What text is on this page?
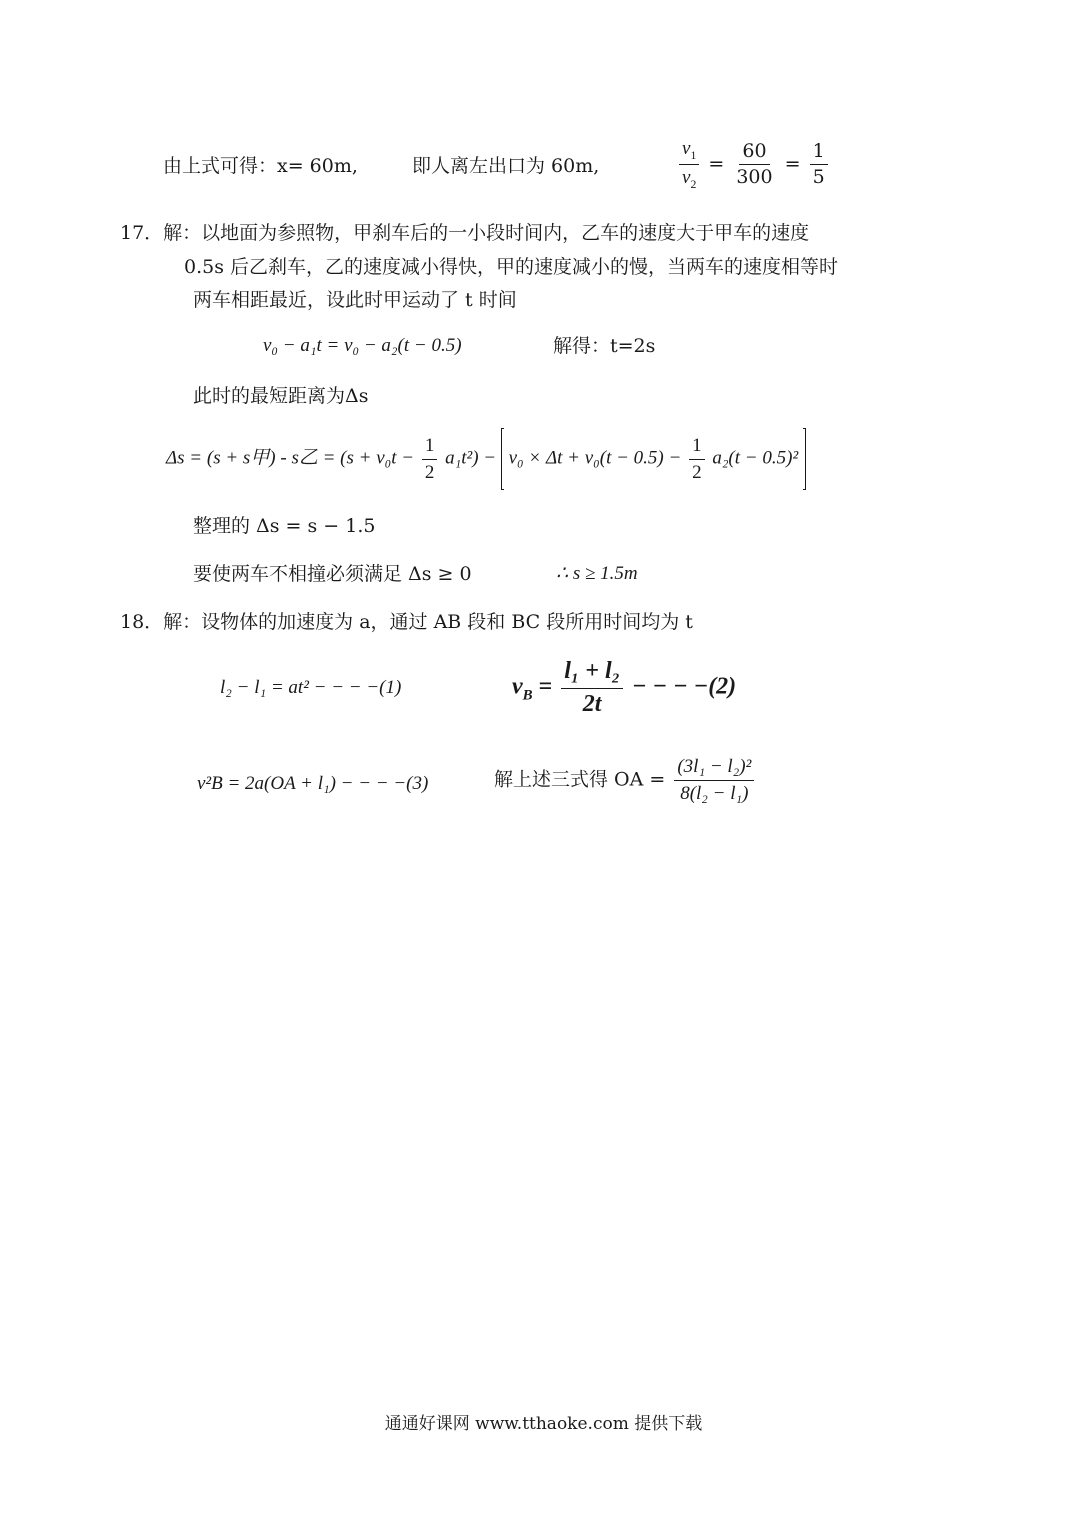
由上式可得：x= 60m,	即人离左出口为 60m,	$\frac{v_1}{v_2} = \frac{60}{300} = \frac{1}{5}$
17．解：以地面为参照物，甲刹车后的一小段时间内，乙车的速度大于甲车的速度
0.5s 后乙刹车，乙的速度减小得快，甲的速度减小的慢，当两车的速度相等时
两车相距最近，设此时甲运动了 t 时间
v₀ − a₁t = v₀ − a₂(t − 0.5)	解得：t=2s
此时的最短距离为Δs
Δs = (s + s甲) - s乙 = $(s + v_0t - \frac{1}{2} a_1t^2) - v_0 \times \Delta t + v_0(t - 0.5) - \frac{1}{2} a_2(t - 0.5)^2$
整理的 Δs = s − 1.5
要使两车不相撞必须满足 Δs ≥ 0	∴ s ≥ 1.5m
18．解：设物体的加速度为 a，通过 AB 段和 BC 段所用时间均为 t
l₂ − l₁ = at² − − − −(1)	$v_B = \frac{\text{l₁ + l₂}}{2t}$ − − − −(2)
v²B = 2a(OA + l₁) − − − −(3)	解上述三式得 OA = $\frac{\text{(3l₁ − l₂)²}}{\text{8(l₂ − l₁)}}$
通通好课网 www.tthaoke.com 提供下载
